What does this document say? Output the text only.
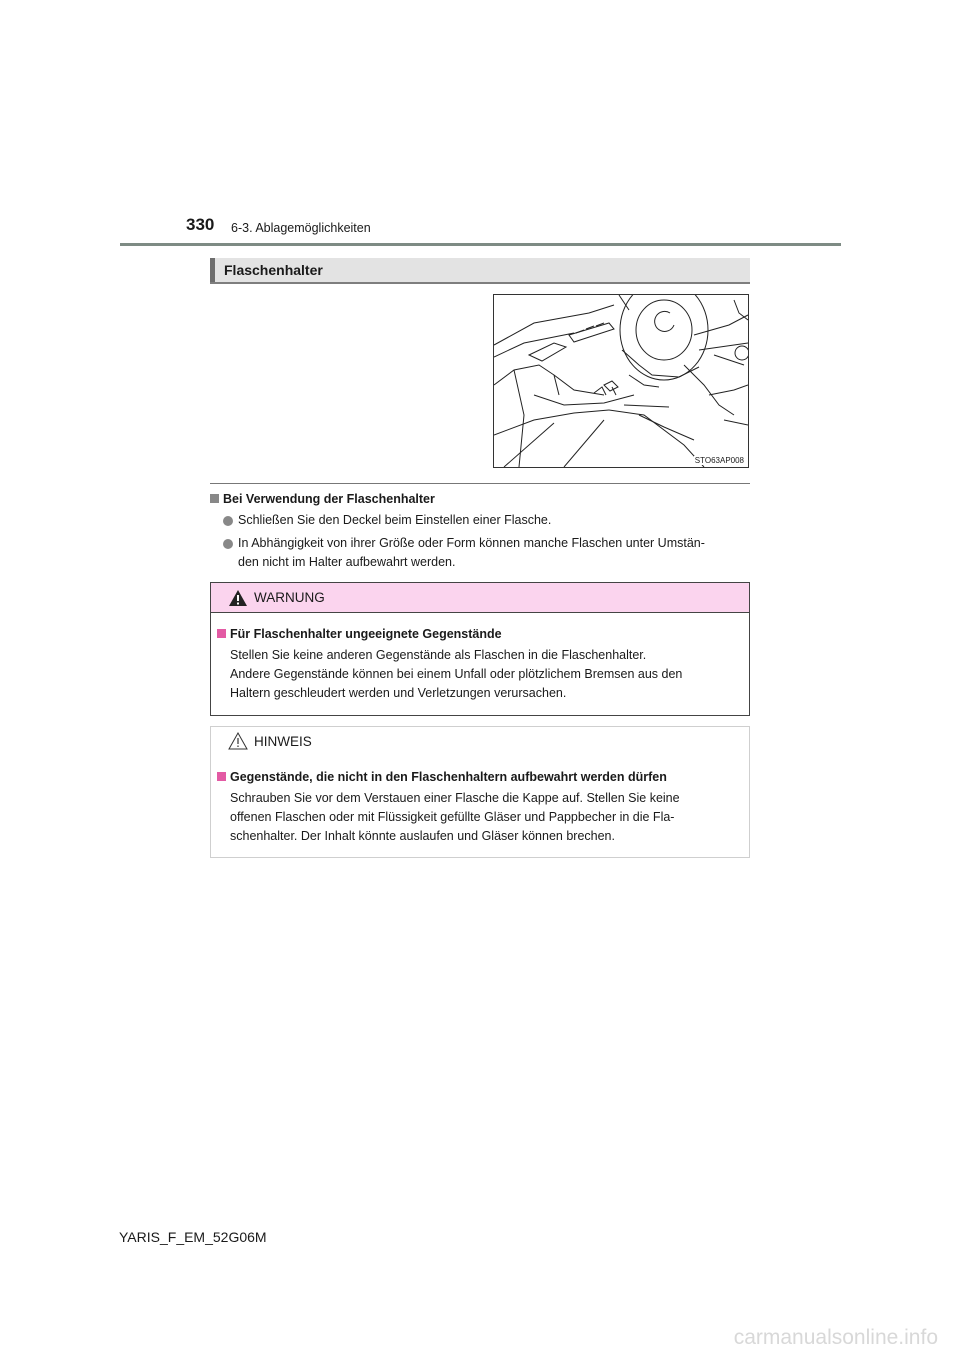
330 6-3. Ablagemöglichkeiten
Flaschenhalter
STO63AP008
Bei Verwendung der Flaschenhalter
Schließen Sie den Deckel beim Einstellen einer Flasche.
In Abhängigkeit von ihrer Größe oder Form können manche Flaschen unter Umstän-
den nicht im Halter aufbewahrt werden.
WARNUNG
Für Flaschenhalter ungeeignete Gegenstände
Stellen Sie keine anderen Gegenstände als Flaschen in die Flaschenhalter.
Andere Gegenstände können bei einem Unfall oder plötzlichem Bremsen aus den
Haltern geschleudert werden und Verletzungen verursachen.
HINWEIS
Gegenstände, die nicht in den Flaschenhaltern aufbewahrt werden dürfen
Schrauben Sie vor dem Verstauen einer Flasche die Kappe auf. Stellen Sie keine
offenen Flaschen oder mit Flüssigkeit gefüllte Gläser und Pappbecher in die Fla-
schenhalter. Der Inhalt könnte auslaufen und Gläser können brechen.
YARIS_F_EM_52G06M
carmanualsonline.info
